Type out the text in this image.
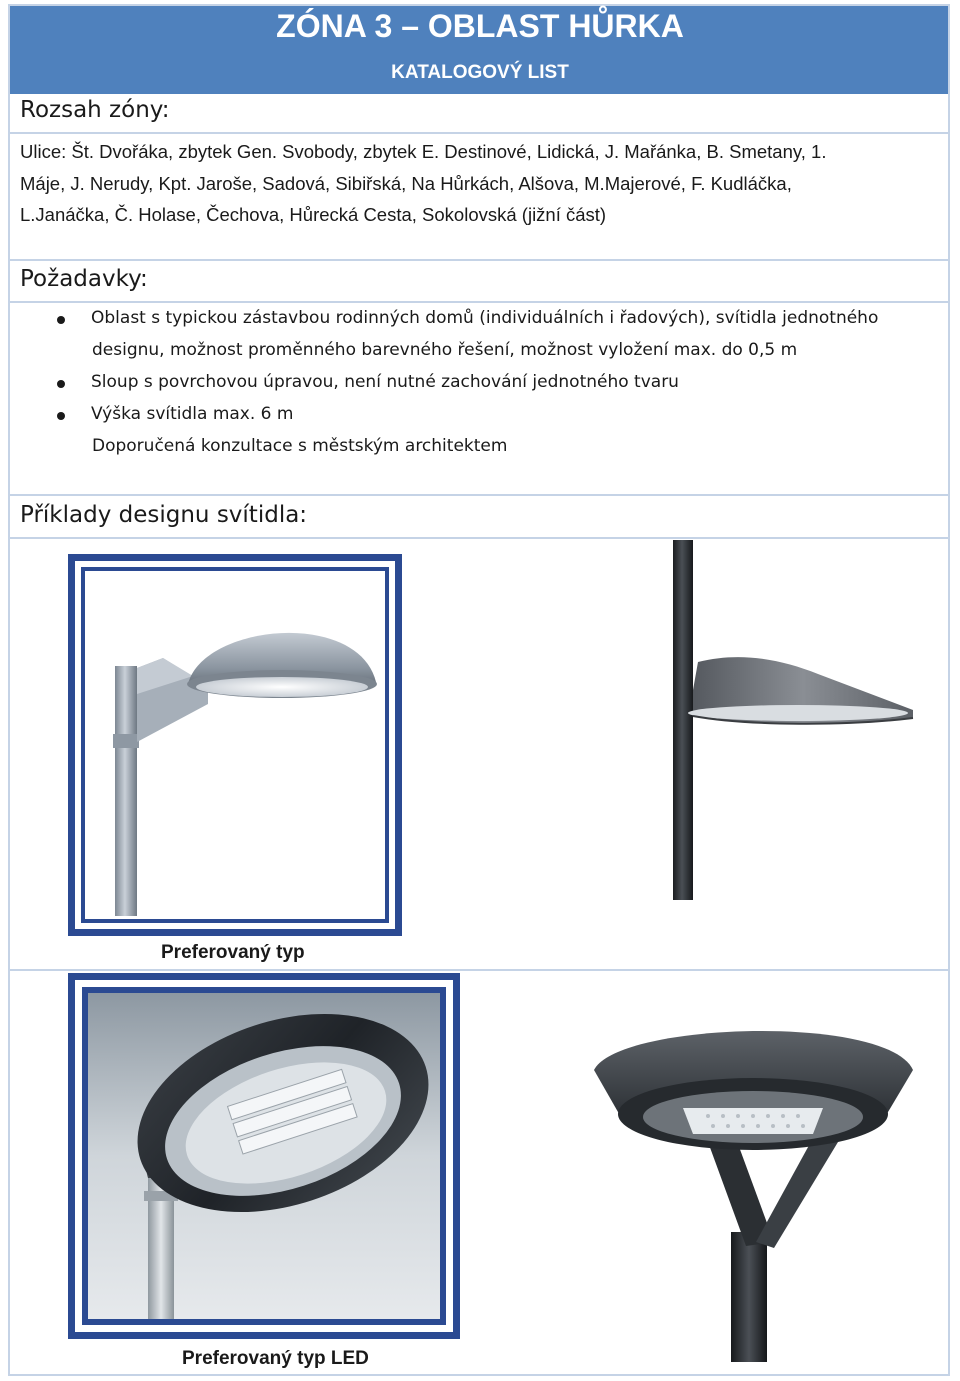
ZÓNA 3 – OBLAST HŮRKA
KATALOGOVÝ LIST
Rozsah zóny:
Ulice: Št. Dvořáka, zbytek Gen. Svobody, zbytek E. Destinové, Lidická, J. Mařánka, B. Smetany, 1.
Máje, J. Nerudy, Kpt. Jaroše, Sadová, Sibiřská, Na Hůrkách, Alšova, M.Majerové, F. Kudláčka,
L.Janáčka, Č. Holase, Čechova, Hůrecká Cesta, Sokolovská (jižní část)
Požadavky:
Oblast s typickou zástavbou rodinných domů (individuálních i řadových), svítidla jednotného
designu, možnost proměnného barevného řešení, možnost vyložení max. do 0,5 m
Sloup s povrchovou úpravou, není nutné zachování jednotného tvaru
Výška svítidla max. 6 m
Doporučená konzultace s městským architektem
Příklady designu svítidla:
Preferovaný typ
Preferovaný typ LED
